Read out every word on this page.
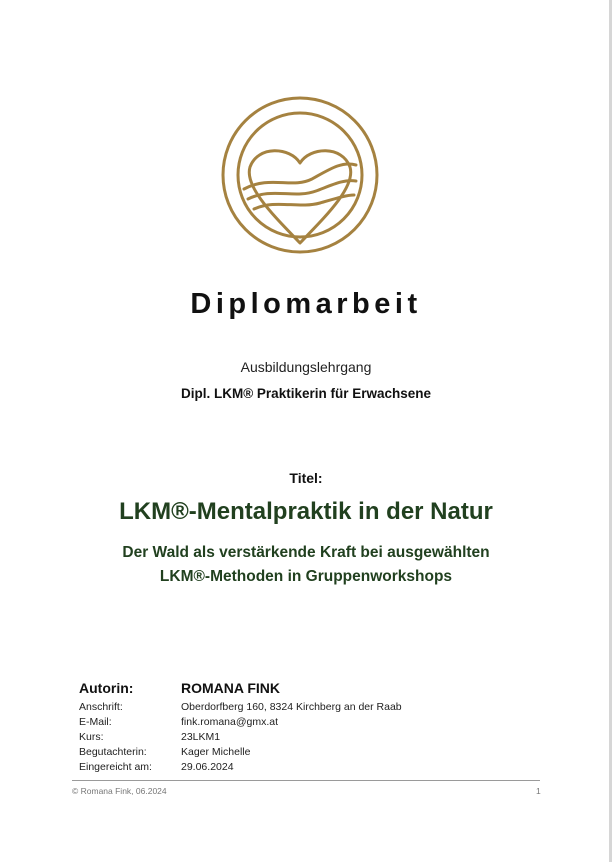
Diplomarbeit
Ausbildungslehrgang
Dipl. LKM® Praktikerin für Erwachsene
Titel:
LKM®-Mentalpraktik in der Natur
Der Wald als verstärkende Kraft bei ausgewählten
LKM®-Methoden in Gruppenworkshops
Autorin:	ROMANA FINK
Anschrift:	Oberdorfberg 160, 8324 Kirchberg an der Raab
E-Mail:	fink.romana@gmx.at
Kurs:	23LKM1
Begutachterin:	Kager Michelle
Eingereicht am:	29.06.2024
© Romana Fink, 06.2024	1
